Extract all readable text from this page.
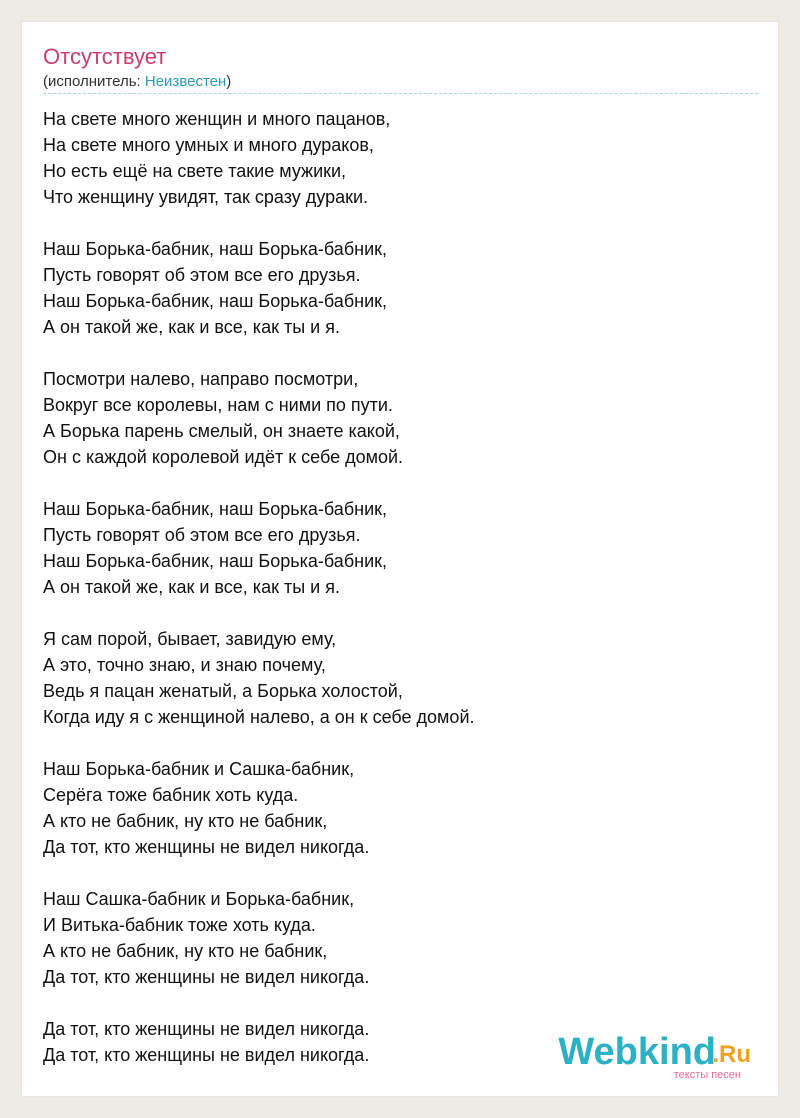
Отсутствует
(исполнитель: Неизвестен)
На свете много женщин и много пацанов,
На свете много умных и много дураков,
Но есть ещё на свете такие мужики,
Что женщину увидят, так сразу дураки.
Наш Борька-бабник, наш Борька-бабник,
Пусть говорят об этом все его друзья.
Наш Борька-бабник, наш Борька-бабник,
А он такой же, как и все, как ты и я.
Посмотри налево, направо посмотри,
Вокруг все королевы, нам с ними по пути.
А Борька парень смелый, он знаете какой,
Он с каждой королевой идёт к себе домой.
Наш Борька-бабник, наш Борька-бабник,
Пусть говорят об этом все его друзья.
Наш Борька-бабник, наш Борька-бабник,
А он такой же, как и все, как ты и я.
Я сам порой, бывает, завидую ему,
А это, точно знаю, и знаю почему,
Ведь я пацан женатый, а Борька холостой,
Когда иду я с женщиной налево, а он к себе домой.
Наш Борька-бабник и Сашка-бабник,
Серёга тоже бабник хоть куда.
А кто не бабник, ну кто не бабник,
Да тот, кто женщины не видел никогда.
Наш Сашка-бабник и Борька-бабник,
И Витька-бабник тоже хоть куда.
А кто не бабник, ну кто не бабник,
Да тот, кто женщины не видел никогда.
Да тот, кто женщины не видел никогда.
Да тот, кто женщины не видел никогда.	Webkind
.Ru
тексты песен
